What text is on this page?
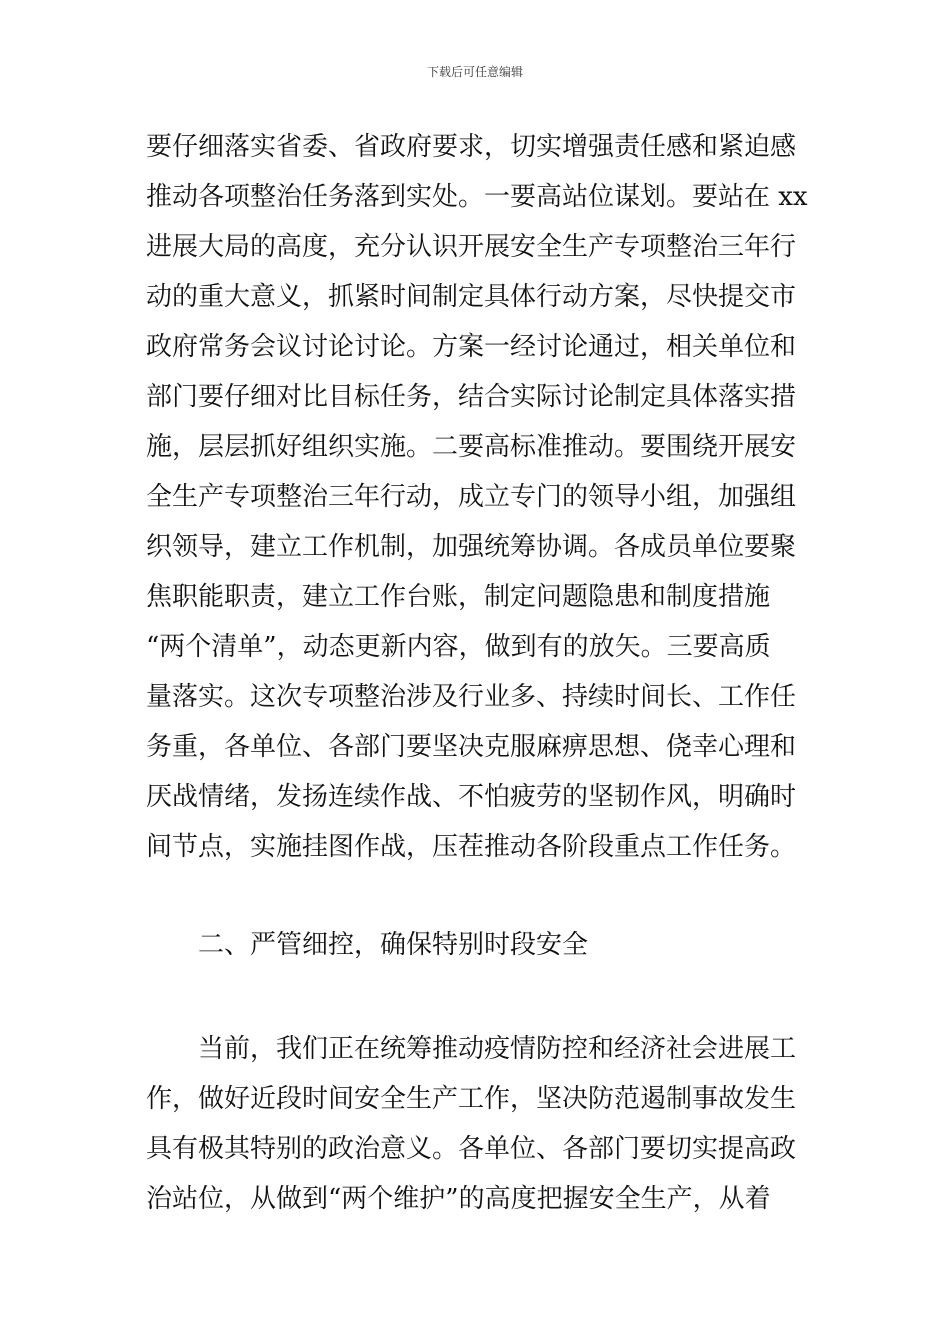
下载后可任意编辑
要仔细落实省委、省政府要求，切实增强责任感和紧迫感
推动各项整治任务落到实处。一要高站位谋划。要站在 xx
进展大局的高度，充分认识开展安全生产专项整治三年行
动的重大意义，抓紧时间制定具体行动方案，尽快提交市
政府常务会议讨论讨论。方案一经讨论通过，相关单位和
部门要仔细对比目标任务，结合实际讨论制定具体落实措
施，层层抓好组织实施。二要高标准推动。要围绕开展安
全生产专项整治三年行动，成立专门的领导小组，加强组
织领导，建立工作机制，加强统筹协调。各成员单位要聚
焦职能职责，建立工作台账，制定问题隐患和制度措施
“两个清单”，动态更新内容，做到有的放矢。三要高质
量落实。这次专项整治涉及行业多、持续时间长、工作任
务重，各单位、各部门要坚决克服麻痹思想、侥幸心理和
厌战情绪，发扬连续作战、不怕疲劳的坚韧作风，明确时
间节点，实施挂图作战，压茬推动各阶段重点工作任务。
二、严管细控，确保特别时段安全
当前，我们正在统筹推动疫情防控和经济社会进展工
作，做好近段时间安全生产工作，坚决防范遏制事故发生
具有极其特别的政治意义。各单位、各部门要切实提高政
治站位，从做到“两个维护”的高度把握安全生产，从着
